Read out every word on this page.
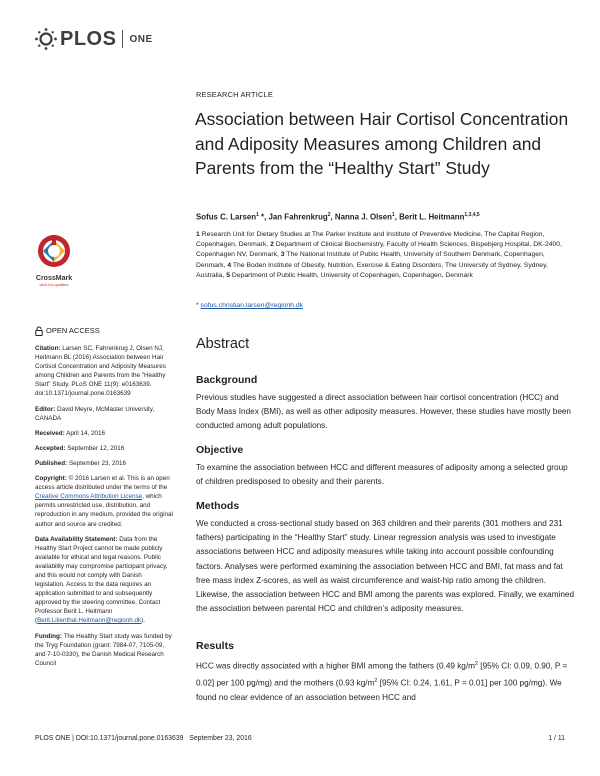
PLOS ONE
CrossMark
click for updates
OPEN ACCESS
Citation: Larsen SC, Fahrenkrug J, Olsen NJ, Heitmann BL (2016) Association between Hair Cortisol Concentration and Adiposity Measures among Children and Parents from the "Healthy Start" Study. PLoS ONE 11(9): e0163639. doi:10.1371/journal.pone.0163639
Editor: David Meyre, McMaster University, CANADA
Received: April 14, 2016
Accepted: September 12, 2016
Published: September 23, 2016
Copyright: © 2016 Larsen et al. This is an open access article distributed under the terms of the Creative Commons Attribution License, which permits unrestricted use, distribution, and reproduction in any medium, provided the original author and source are credited.
Data Availability Statement: Data from the Healthy Start Project cannot be made publicly available for ethical and legal reasons. Public availability may compromise participant privacy, and this would not comply with Danish legislation. Access to the data requires an application submitted to and subsequently approved by the steering committee. Contact Professor Berit L. Heitmann (Berit.Lilienthal.Heitmann@regionh.dk).
Funding: The Healthy Start study was funded by the Tryg Foundation (grant: 7984-07, 7105-09, and 7-10-0330), the Danish Medical Research Council
RESEARCH ARTICLE
Association between Hair Cortisol Concentration and Adiposity Measures among Children and Parents from the “Healthy Start” Study
Sofus C. Larsen$^1$ *, Jan Fahrenkrug$^2$, Nanna J. Olsen$^1$, Berit L. Heitmann$^{1,3,4,5}$
1 Research Unit for Dietary Studies at The Parker Institute and Institute of Preventive Medicine, The Capital Region, Copenhagen, Denmark, 2 Department of Clinical Biochemistry, Faculty of Health Sciences, Bispebjerg Hospital, DK-2400, Copenhagen NV, Denmark, 3 The National Institute of Public Health, University of Southern Denmark, Copenhagen, Denmark, 4 The Boden Institute of Obesity, Nutrition, Exercise & Eating Disorders, The University of Sydney, Sydney, Australia, 5 Department of Public Health, University of Copenhagen, Copenhagen, Denmark
* sofus.christian.larsen@regionh.dk
Abstract
Background

Previous studies have suggested a direct association between hair cortisol concentration (HCC) and Body Mass Index (BMI), as well as other adiposity measures. However, these studies have mostly been conducted among adult populations.

Objective

To examine the association between HCC and different measures of adiposity among a selected group of children predisposed to obesity and their parents.

Methods

We conducted a cross-sectional study based on 363 children and their parents (301 mothers and 231 fathers) participating in the “Healthy Start” study. Linear regression analysis was used to investigate associations between HCC and adiposity measures while taking into account possible confounding factors. Analyses were performed examining the association between HCC and BMI, fat mass and fat free mass index Z-scores, as well as waist circumference and waist-hip ratio among the children. Likewise, the association between HCC and BMI among the parents was explored. Finally, we examined the association between parental HCC and children’s adiposity measures.

Results

HCC was directly associated with a higher BMI among the fathers (0.49 $kg/m^2$ [95% CI: 0.09, 0.90, P = 0.02] per 100 pg/mg) and the mothers (0.93 $kg/m^2$ [95% CI: 0.24, 1.61, P = 0.01] per 100 pg/mg). We found no clear evidence of an association between HCC and

PLOS ONE | DOI:10.1371/journal.pone.0163639   September 23, 2016	1 / 11
